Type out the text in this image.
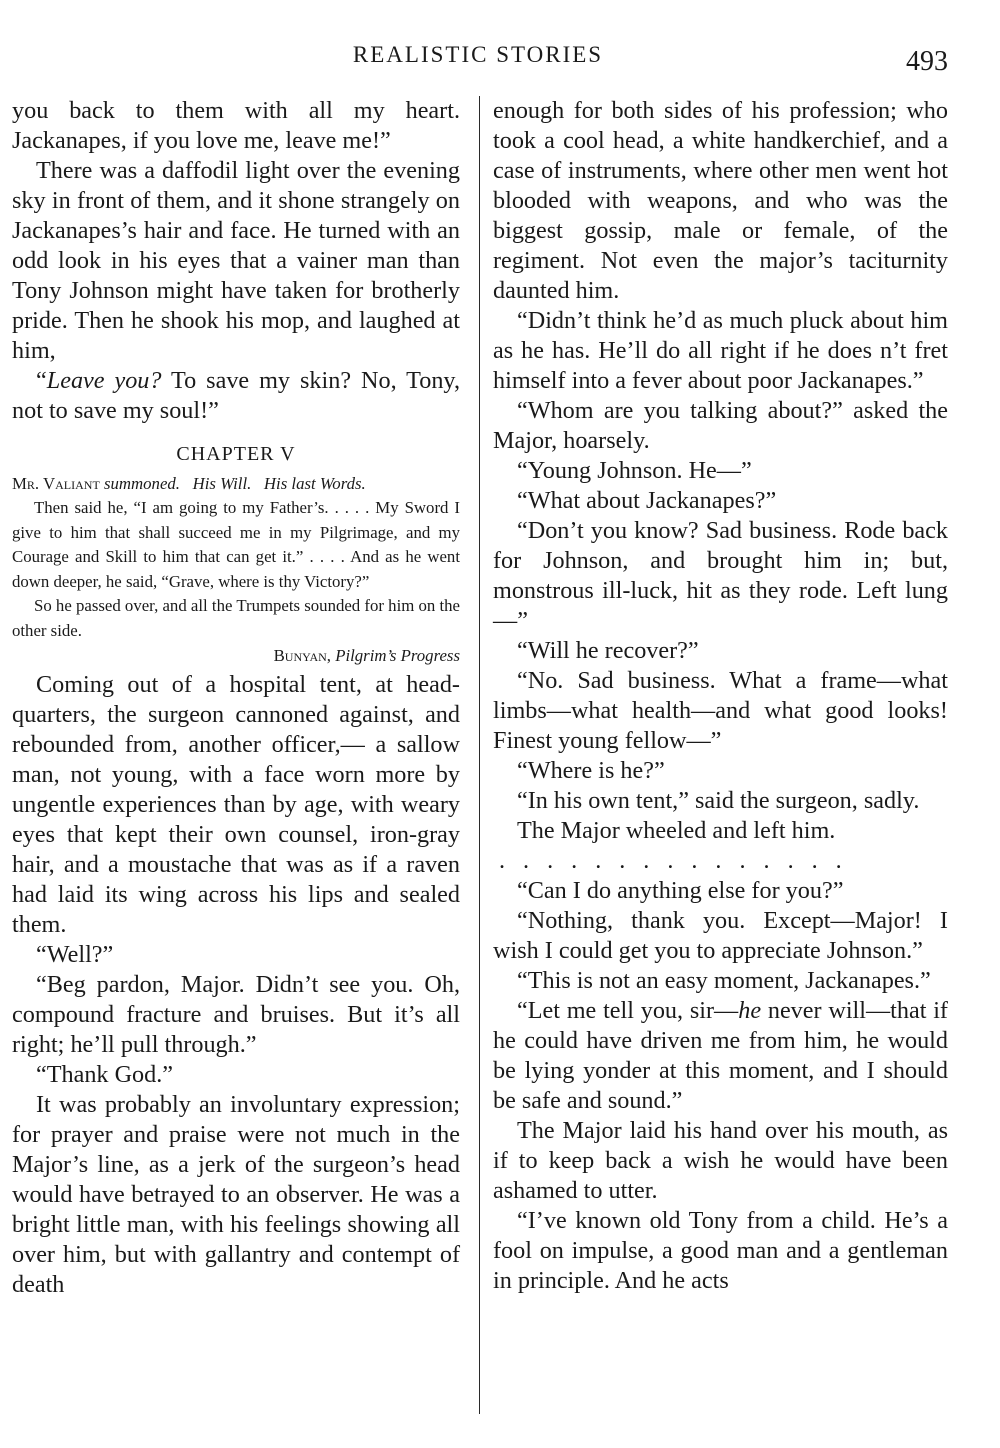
REALISTIC STORIES	493

you back to them with all my heart. Jackanapes, if you love me, leave me!”

There was a daffodil light over the evening sky in front of them, and it shone strangely on Jackanapes’s hair and face. He turned with an odd look in his eyes that a vainer man than Tony Johnson might have taken for brotherly pride. Then he shook his mop, and laughed at him,

“Leave you? To save my skin? No, Tony, not to save my soul!”

CHAPTER V

Mr. Valiant summoned. His Will. His last Words.

Then said he, “I am going to my Father’s. . . . . My Sword I give to him that shall succeed me in my Pilgrimage, and my Courage and Skill to him that can get it.” . . . . And as he went down deeper, he said, “Grave, where is thy Victory?”

So he passed over, and all the Trumpets sounded for him on the other side.

Bunyan, Pilgrim’s Progress

Coming out of a hospital tent, at head-quarters, the surgeon cannoned against, and rebounded from, another officer,— a sallow man, not young, with a face worn more by ungentle experiences than by age, with weary eyes that kept their own counsel, iron-gray hair, and a moustache that was as if a raven had laid its wing across his lips and sealed them.

“Well?”

“Beg pardon, Major. Didn’t see you. Oh, compound fracture and bruises. But it’s all right; he’ll pull through.”

“Thank God.”

It was probably an involuntary expression; for prayer and praise were not much in the Major’s line, as a jerk of the surgeon’s head would have betrayed to an observer. He was a bright little man, with his feelings showing all over him, but with gallantry and contempt of death

enough for both sides of his profession; who took a cool head, a white handkerchief, and a case of instruments, where other men went hot blooded with weapons, and who was the biggest gossip, male or female, of the regiment. Not even the major’s taciturnity daunted him.

“Didn’t think he’d as much pluck about him as he has. He’ll do all right if he does n’t fret himself into a fever about poor Jackanapes.”

“Whom are you talking about?” asked the Major, hoarsely.

“Young Johnson. He—”

“What about Jackanapes?”

“Don’t you know? Sad business. Rode back for Johnson, and brought him in; but, monstrous ill-luck, hit as they rode. Left lung—”

“Will he recover?”

“No. Sad business. What a frame—what limbs—what health—and what good looks! Finest young fellow—”

“Where is he?”

“In his own tent,” said the surgeon, sadly.

The Major wheeled and left him.

...............

“Can I do anything else for you?”

“Nothing, thank you. Except—Major! I wish I could get you to appreciate Johnson.”

“This is not an easy moment, Jackanapes.”

“Let me tell you, sir—he never will—that if he could have driven me from him, he would be lying yonder at this moment, and I should be safe and sound.”

The Major laid his hand over his mouth, as if to keep back a wish he would have been ashamed to utter.

“I’ve known old Tony from a child. He’s a fool on impulse, a good man and a gentleman in principle. And he acts
